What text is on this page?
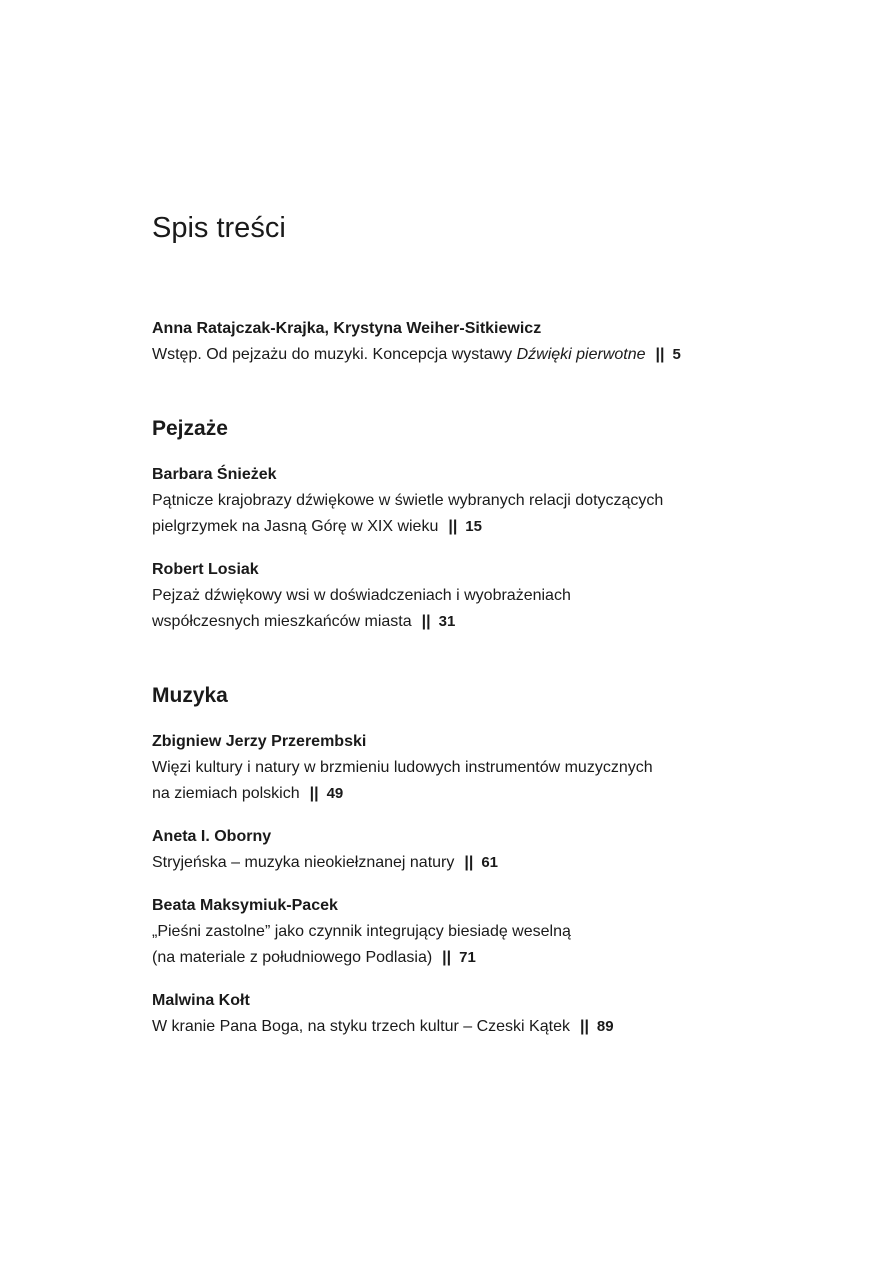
Spis treści
Anna Ratajczak-Krajka, Krystyna Weiher-Sitkiewicz
Wstęp. Od pejzażu do muzyki. Koncepcja wystawy Dźwięki pierwotne || 5
Pejzaże
Barbara Śnieżek
Pątnicze krajobrazy dźwiękowe w świetle wybranych relacji dotyczących
pielgrzymek na Jasną Górę w XIX wieku || 15
Robert Losiak
Pejzaż dźwiękowy wsi w doświadczeniach i wyobrażeniach
współczesnych mieszkańców miasta || 31
Muzyka
Zbigniew Jerzy Przerembski
Więzi kultury i natury w brzmieniu ludowych instrumentów muzycznych
na ziemiach polskich || 49
Aneta I. Oborny
Stryjeńska – muzyka nieokiełznanej natury || 61
Beata Maksymiuk-Pacek
„Pieśni zastolne” jako czynnik integrujący biesiadę weselną
(na materiale z południowego Podlasia) || 71
Malwina Kołt
W kranie Pana Boga, na styku trzech kultur – Czeski Kątek || 89
